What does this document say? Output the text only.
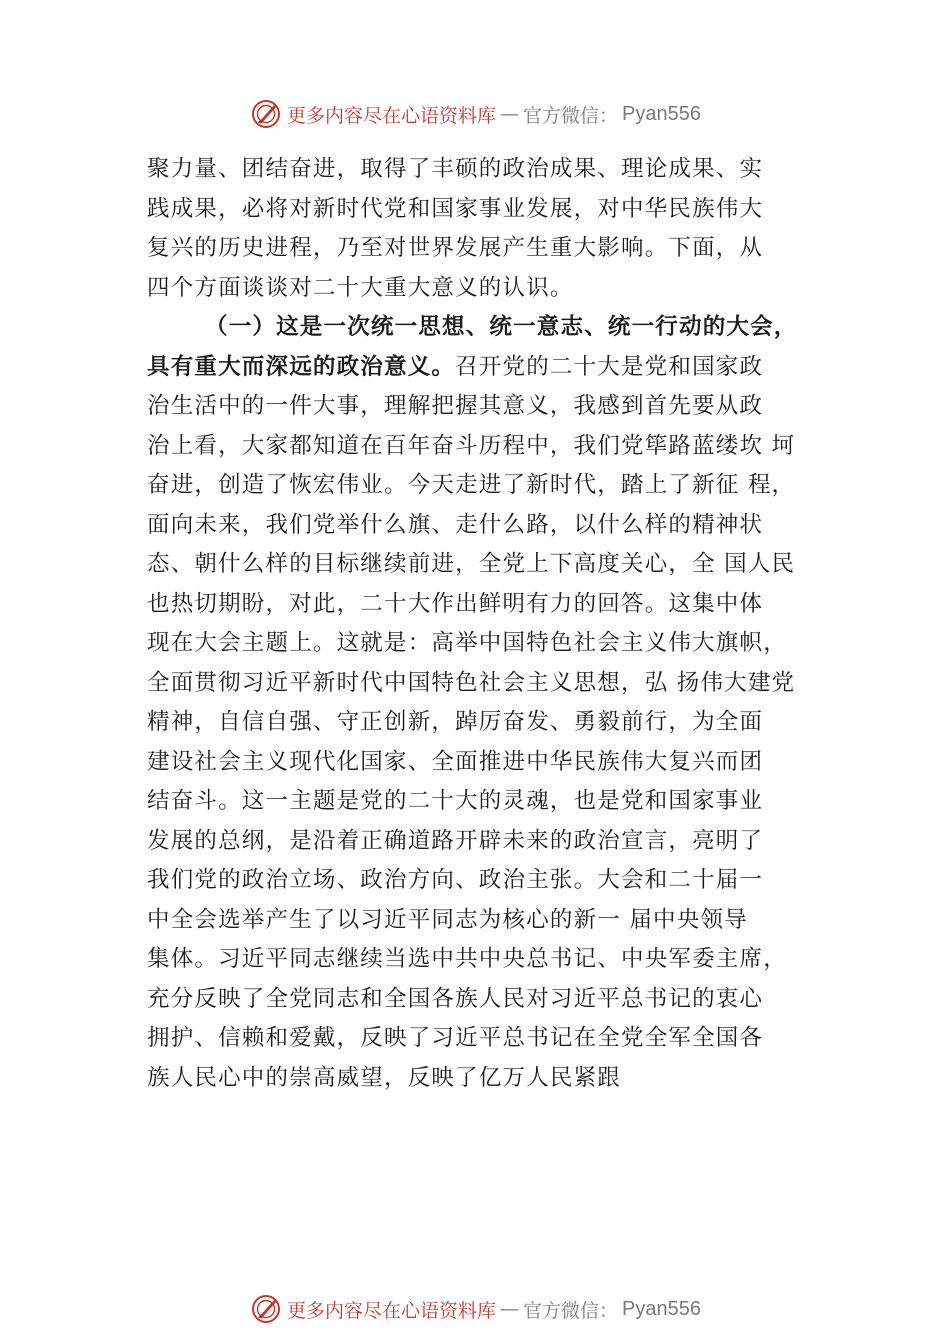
更多内容尽在心语资料库 — 官方微信： Pyan556
聚力量、团结奋进，取得了丰硕的政治成果、理论成果、实
践成果，必将对新时代党和国家事业发展，对中华民族伟大
复兴的历史进程，乃至对世界发展产生重大影响。下面，从
四个方面谈谈对二十大重大意义的认识。
（一）这是一次统一思想、统一意志、统一行动的大会，
具有重大而深远的政治意义。召开党的二十大是党和国家政
治生活中的一件大事，理解把握其意义，我感到首先要从政
治上看，大家都知道在百年奋斗历程中，我们党筚路蓝缕坎 坷
奋进，创造了恢宏伟业。今天走进了新时代，踏上了新征 程，
面向未来，我们党举什么旗、走什么路，以什么样的精神状
态、朝什么样的目标继续前进，全党上下高度关心，全 国人民
也热切期盼，对此，二十大作出鲜明有力的回答。这集中体
现在大会主题上。这就是：高举中国特色社会主义伟大旗帜，
全面贯彻习近平新时代中国特色社会主义思想，弘 扬伟大建党
精神，自信自强、守正创新，踔厉奋发、勇毅前行，为全面
建设社会主义现代化国家、全面推进中华民族伟大复兴而团
结奋斗。这一主题是党的二十大的灵魂，也是党和国家事业
发展的总纲，是沿着正确道路开辟未来的政治宣言，亮明了
我们党的政治立场、政治方向、政治主张。大会和二十届一
中全会选举产生了以习近平同志为核心的新一 届中央领导
集体。习近平同志继续当选中共中央总书记、中央军委主席，
充分反映了全党同志和全国各族人民对习近平总书记的衷心
拥护、信赖和爱戴，反映了习近平总书记在全党全军全国各
族人民心中的崇高威望，反映了亿万人民紧跟
更多内容尽在心语资料库 — 官方微信： Pyan556
